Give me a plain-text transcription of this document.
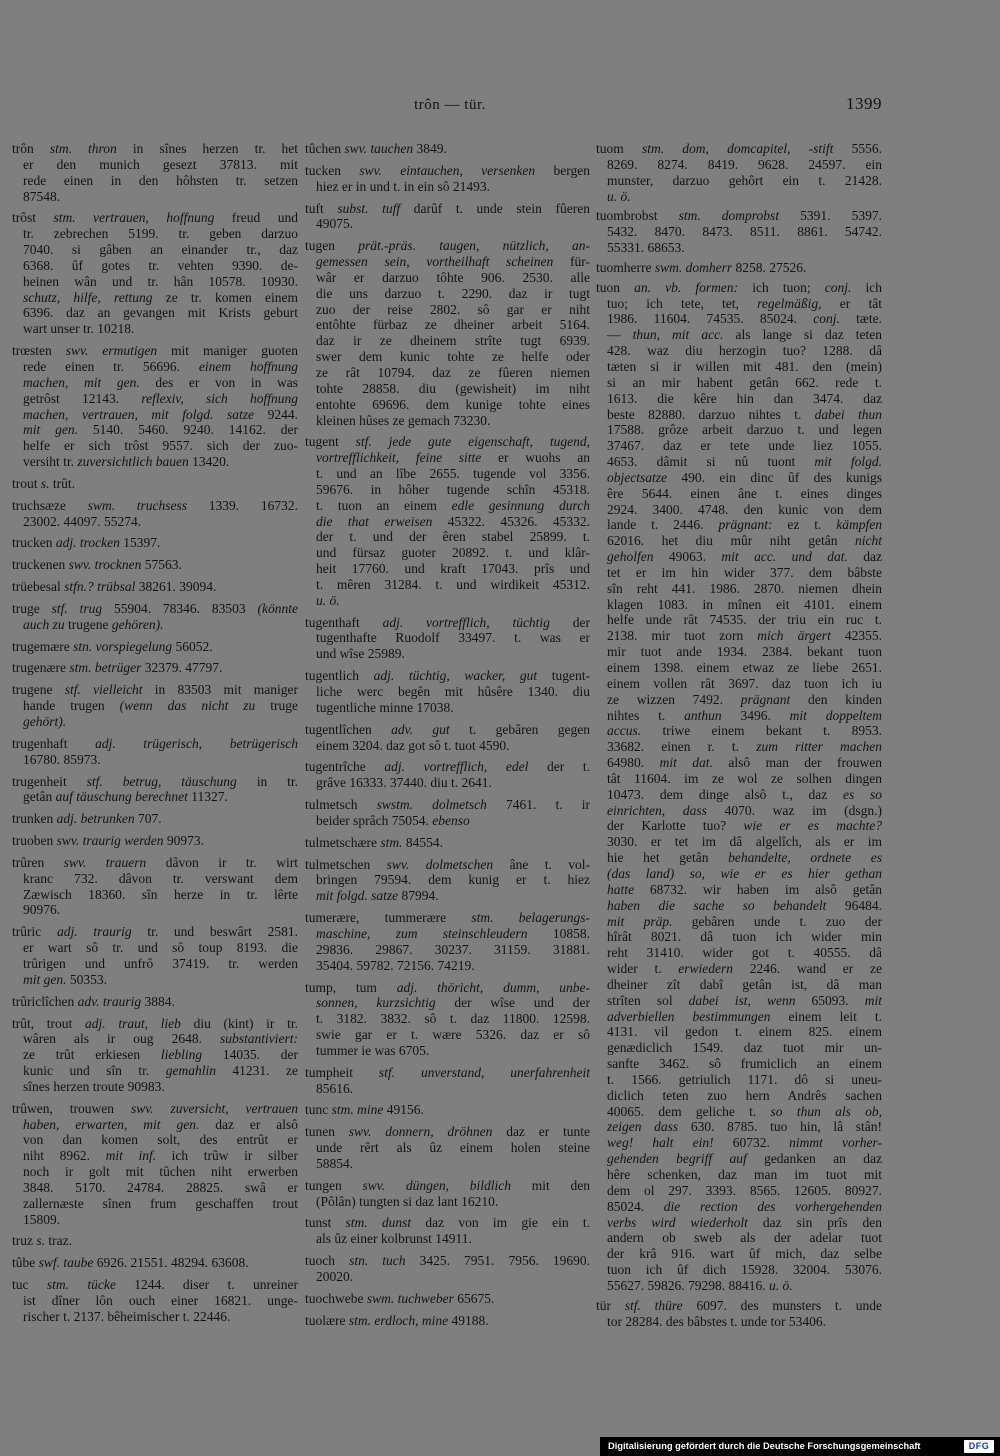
trôn — tür.	1399
trôn stm. thron in sînes herzen tr. het
er den munich gesezt 37813. mit
rede einen in den hôhsten tr. setzen
87548.
trôst stm. vertrauen, hoffnung freud und
tr. zebrechen 5199. tr. geben darzuo
7040. si gâben an einander tr., daz
6368. ûf gotes tr. vehten 9390. de-
heinen wân und tr. hân 10578. 10930.
schutz, hilfe, rettung ze tr. komen einem
6396. daz an gevangen mit Krists geburt
wart unser tr. 10218.
trœsten swv. ermutigen mit maniger guoten
rede einen tr. 56696. einem hoffnung
machen, mit gen. des er von in was
getrôst 12143. reflexiv, sich hoffnung
machen, vertrauen, mit folgd. satze 9244.
mit gen. 5140. 5460. 9240. 14162. der
helfe er sich trôst 9557. sich der zuo-
versiht tr. zuversichtlich bauen 13420.
trout s. trût.
truchsæze swm. truchsess 1339. 16732.
23002. 44097. 55274.
trucken adj. trocken 15397.
truckenen swv. trocknen 57563.
trüebesal stfn.? trübsal 38261. 39094.
truge stf. trug 55904. 78346. 83503 (könnte
auch zu trugene gehören).
trugemære stn. vorspiegelung 56052.
trugenære stm. betrüger 32379. 47797.
trugene stf. vielleicht in 83503 mit maniger
hande trugen (wenn das nicht zu truge
gehört).
trugenhaft adj. trügerisch, betrügerisch
16780. 85973.
trugenheit stf. betrug, täuschung in tr.
getân auf täuschung berechnet 11327.
trunken adj. betrunken 707.
truoben swv. traurig werden 90973.
trûren swv. trauern dâvon ir tr. wirt
kranc 732. dâvon tr. verswant dem
Zæwisch 18360. sîn herze in tr. lêrte
90976.
trûric adj. traurig tr. und beswârt 2581.
er wart sô tr. und sô toup 8193. die
trûrigen und unfrô 37419. tr. werden
mit gen. 50353.
trûriclîchen adv. traurig 3884.
trût, trout adj. traut, lieb diu (kint) ir tr.
wâren als ir oug 2648. substantiviert:
ze trût erkiesen liebling 14035. der
kunic und sîn tr. gemahlin 41231. ze
sînes herzen troute 90983.
trûwen, trouwen swv. zuversicht, vertrauen
haben, erwarten, mit gen. daz er alsô
von dan komen solt, des entrût er
niht 8962. mit inf. ich trûw ir silber
noch ir golt mit tûchen niht erwerben
3848. 5170. 24784. 28825. swâ er
zallernæste sînen frum geschaffen trout
15809.
truz s. traz.
tûbe swf. taube 6926. 21551. 48294. 63608.
tuc stm. tücke 1244. diser t. unreiner
ist dîner lôn ouch einer 16821. unge-
rischer t. 2137. bêheimischer t. 22446.
tûchen swv. tauchen 3849.
tucken swv. eintauchen, versenken bergen
hiez er in und t. in ein sô 21493.
tuft subst. tuff darûf t. unde stein fûeren
49075.
tugen prät.-präs. taugen, nützlich, an-
gemessen sein, vortheilhaft scheinen für-
wâr er darzuo tôhte 906. 2530. alle
die uns darzuo t. 2290. daz ir tugt
zuo der reise 2802. sô gar er niht
entôhte fürbaz ze dheiner arbeit 5164.
daz ir ze dheinem strîte tugt 6939.
swer dem kunic tohte ze helfe oder
ze rât 10794. daz ze fûeren niemen
tohte 28858. diu (gewisheit) im niht
entohte 69696. dem kunige tohte eines
kleinen hûses ze gemach 73230.
tugent stf. jede gute eigenschaft, tugend,
vortrefflichkeit, feine sitte er wuohs an
t. und an lîbe 2655. tugende vol 3356.
59676. in hôher tugende schîn 45318.
t. tuon an einem edle gesinnung durch
die that erweisen 45322. 45326. 45332.
der t. und der êren stabel 25899. t.
und fürsaz guoter 20892. t. und klâr-
heit 17760. und kraft 17043. prîs und
t. mêren 31284. t. und wirdikeit 45312.
u. ö.
tugenthaft adj. vortrefflich, tüchtig der
tugenthafte Ruodolf 33497. t. was er
und wîse 25989.
tugentlich adj. tüchtig, wacker, gut tugent-
liche werc begên mit hûsêre 1340. diu
tugentliche minne 17038.
tugentlîchen adv. gut t. gebâren gegen
einem 3204. daz got sô t. tuot 4590.
tugentrîche adj. vortrefflich, edel der t.
grâve 16333. 37440. diu t. 2641.
tulmetsch swstm. dolmetsch 7461. t. ir
beider sprâch 75054. ebenso
tulmetschære stm. 84554.
tulmetschen swv. dolmetschen âne t. vol-
bringen 79594. dem kunig er t. hiez
mit folgd. satze 87994.
tumerære, tummerære stm. belagerungs-
maschine, zum steinschleudern 10858.
29836. 29867. 30237. 31159. 31881.
35404. 59782. 72156. 74219.
tump, tum adj. thöricht, dumm, unbe-
sonnen, kurzsichtig der wîse und der
t. 3182. 3832. sô t. daz 11800. 12598.
swie gar er t. wære 5326. daz er sô
tummer ie was 6705.
tumpheit stf. unverstand, unerfahrenheit
85616.
tunc stm. mine 49156.
tunen swv. donnern, dröhnen daz er tunte
unde rêrt als ûz einem holen steine
58854.
tungen swv. düngen, bildlich mit den
(Pôlân) tungten si daz lant 16210.
tunst stm. dunst daz von im gie ein t.
als ûz einer kolbrunst 14911.
tuoch stn. tuch 3425. 7951. 7956. 19690.
20020.
tuochwebe swm. tuchweber 65675.
tuolære stm. erdloch, mine 49188.
tuom stm. dom, domcapitel, -stift 5556.
8269. 8274. 8419. 9628. 24597. ein
munster, darzuo gehôrt ein t. 21428.
u. ö.
tuombrobst stm. domprobst 5391. 5397.
5432. 8470. 8473. 8511. 8861. 54742.
55331. 68653.
tuomherre swm. domherr 8258. 27526.
tuon an. vb. formen: ich tuon; conj. ich
tuo; ich tete, tet, regelmäßig, er tât
1986. 11604. 74535. 85024. conj. tæte.
— thun, mit acc. als lange si daz teten
428. waz diu herzogin tuo? 1288. dâ
tæten si ir willen mit 481. den (mein)
si an mir habent getân 662. rede t.
1613. die kêre hin dan 3474. daz
beste 82880. darzuo nihtes t. dabei thun
17588. grôze arbeit darzuo t. und legen
37467. daz er tete unde liez 1055.
4653. dâmit si nû tuont mit folgd.
objectsatze 490. ein dinc ûf des kunigs
êre 5644. einen âne t. eines dinges
2924. 3400. 4748. den kunic von dem
lande t. 2446. prägnant: ez t. kämpfen
62016. het diu mûr niht getân nicht
geholfen 49063. mit acc. und dat. daz
tet er im hin wider 377. dem bâbste
sîn reht 441. 1986. 2870. niemen dhein
klagen 1083. in mînen eit 4101. einem
helfe unde rât 74535. der triu ein ruc t.
2138. mir tuot zorn mich ärgert 42355.
mir tuot ande 1934. 2384. bekant tuon
einem 1398. einem etwaz ze liebe 2651.
einem vollen rât 3697. daz tuon ich iu
ze wizzen 7492. prägnant den kinden
nihtes t. anthun 3496. mit doppeltem
accus. triwe einem bekant t. 8953.
33682. einen r. t. zum ritter machen
64980. mit dat. alsô man der frouwen
tât 11604. im ze wol ze solhen dingen
10473. dem dinge alsô t., daz es so
einrichten, dass 4070. waz im (dsgn.)
der Karlotte tuo? wie er es machte?
3030. er tet im dâ algelîch, als er im
hie het getân behandelte, ordnete es
(das land) so, wie er es hier gethan
hatte 68732. wir haben im alsô getân
haben die sache so behandelt 96484.
mit präp. gebâren unde t. zuo der
hîrât 8021. dâ tuon ich wider min
reht 31410. wider got t. 40555. dâ
wider t. erwiedern 2246. wand er ze
dheiner zît dabî getân ist, dâ man
strîten sol dabei ist, wenn 65093. mit
adverbiellen bestimmungen einem leit t.
4131. vil gedon t. einem 825. einem
genædiclich 1549. daz tuot mir un-
sanfte 3462. sô frumiclich an einem
t. 1566. getriulich 1171. dô si uneu-
diclich teten zuo hern Andrês sachen
40065. dem geliche t. so thun als ob,
zeigen dass 630. 8785. tuo hin, lâ stân!
weg! halt ein! 60732. nimmt vorher-
gehenden begriff auf gedanken an daz
hêre schenken, daz man im tuot mit
dem ol 297. 3393. 8565. 12605. 80927.
85024. die rection des vorhergehenden
verbs wird wiederholt daz sin prîs den
andern ob sweb als der adelar tuot
der krâ 916. wart ûf mich, daz selbe
tuon ich ûf dich 15928. 32004. 53076.
55627. 59826. 79298. 88416. u. ö.
tür stf. thüre 6097. des munsters t. unde
tor 28284. des bâbstes t. unde tor 53406.
Digitalisierung gefördert durch die Deutsche Forschungsgemeinschaft	DFG
